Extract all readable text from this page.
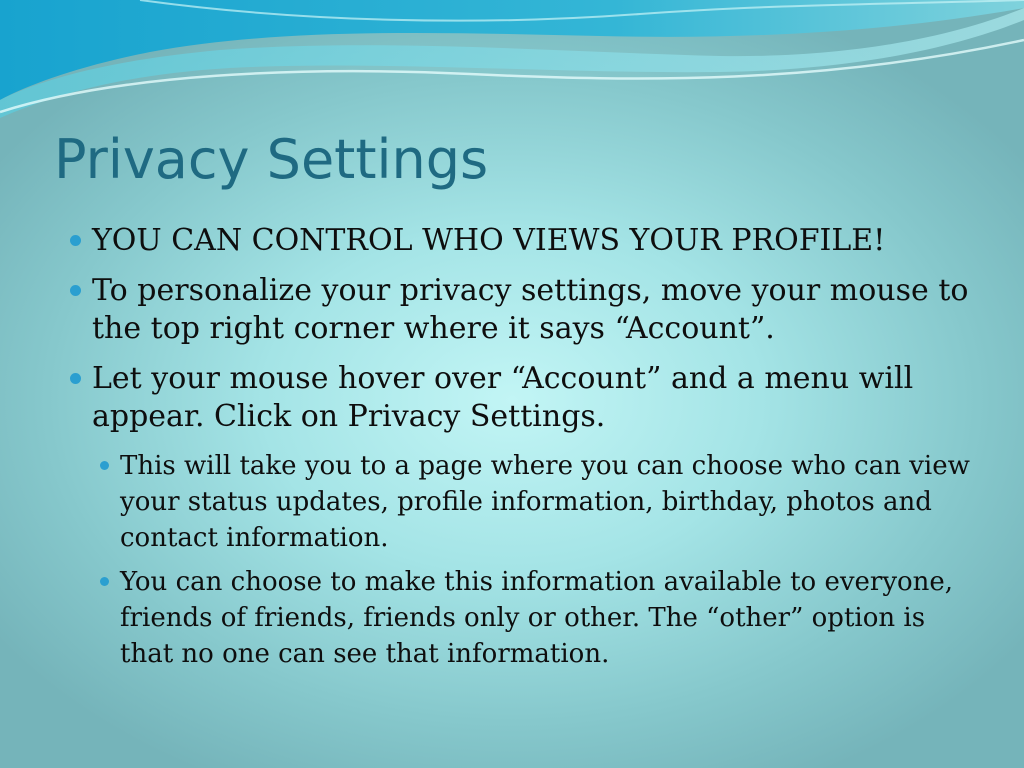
Privacy Settings
YOU CAN CONTROL WHO VIEWS YOUR PROFILE!
To personalize your privacy settings, move your mouse to the top right corner where it says “Account”.
Let your mouse hover over “Account” and a menu will appear. Click on Privacy Settings.
This will take you to a page where you can choose who can view your status updates, profile information, birthday, photos and contact information.
You can choose to make this information available to everyone, friends of friends, friends only or other. The “other” option is that no one can see that information.
